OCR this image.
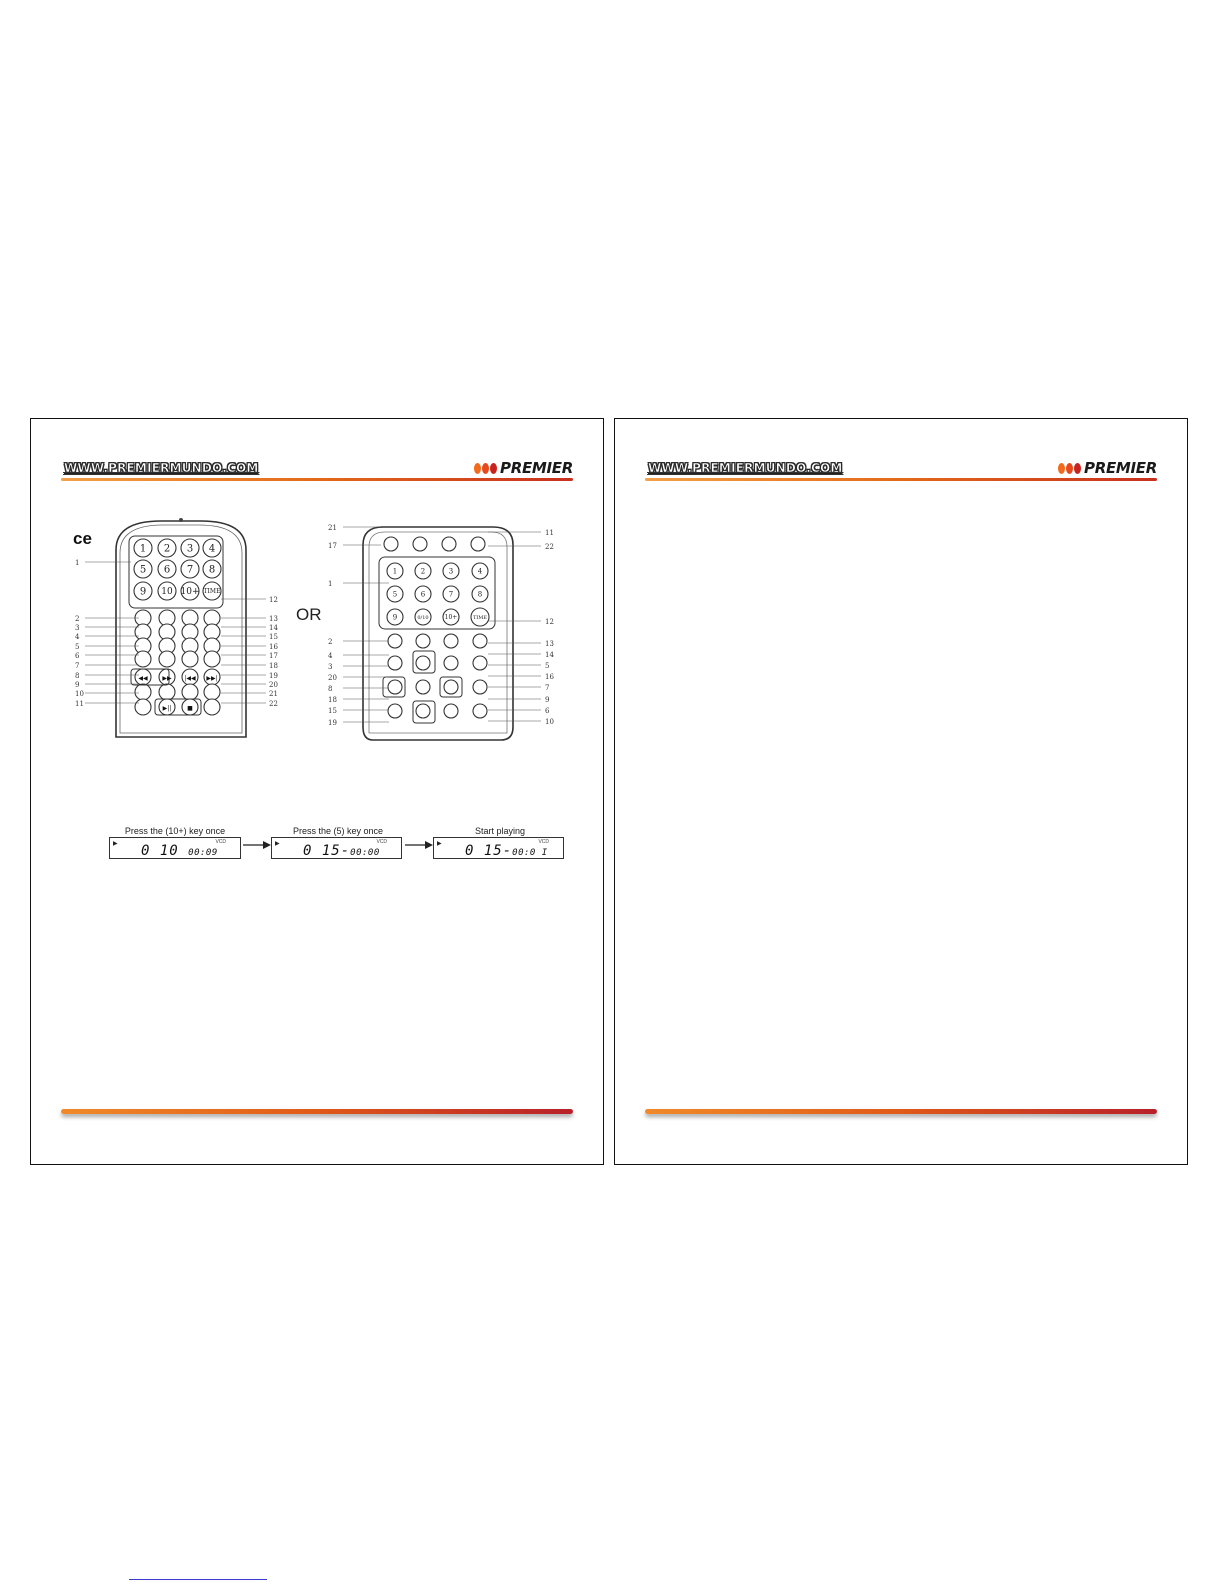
WWW.PREMIERMUNDO.COM	PREMIER
ce
OR
1 2 3 4
5 6 7 8
9 10 10+ TIME
◀◀ ▶▶ |◀◀ ▶▶|
▶||	■
1
2
3
4
5
6
7
8
9
10
11
12
13
14
15
16
17
18
19
20
21
22
1	2	3	4
5	6	7	8
9	0/10	10+	TIME
21
17
1
2
4
3
20
8
18
15
19
11
22
12
13
14
5
16
7
9
6
10
Press the (10+) key once
▶	VCD
0 10 00:09
Press the (5) key once
▶	VCD
0 15-00:00
Start playing
▶	VCD
0 15-00:0 I
WWW.PREMIERMUNDO.COM	PREMIER
